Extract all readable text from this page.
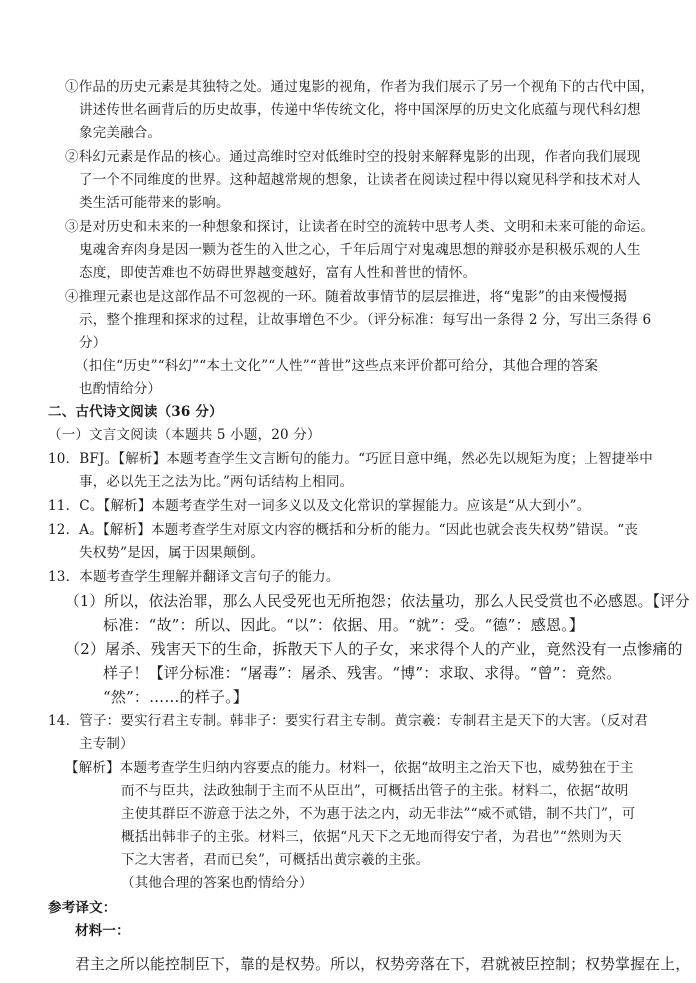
①作品的历史元素是其独特之处。通过鬼影的视角，作者为我们展示了另一个视角下的古代中国，
讲述传世名画背后的历史故事，传递中华传统文化，将中国深厚的历史文化底蕴与现代科幻想
象完美融合。
②科幻元素是作品的核心。通过高维时空对低维时空的投射来解释鬼影的出现，作者向我们展现
了一个不同维度的世界。这种超越常规的想象，让读者在阅读过程中得以窥见科学和技术对人
类生活可能带来的影响。
③是对历史和未来的一种想象和探讨，让读者在时空的流转中思考人类、文明和未来可能的命运。
鬼魂舍弃肉身是因一颗为苍生的入世之心，千年后周宁对鬼魂思想的辩驳亦是积极乐观的人生
态度，即使苦难也不妨碍世界越变越好，富有人性和普世的情怀。
④推理元素也是这部作品不可忽视的一环。随着故事情节的层层推进，将“鬼影”的由来慢慢揭
示，整个推理和探求的过程，让故事增色不少。（评分标准：每写出一条得 2 分，写出三条得 6
分）
（扣住“历史”“科幻”“本土文化”“人性”“普世”这些点来评价都可给分，其他合理的答案
也酌情给分）
二、古代诗文阅读（36 分）
（一）文言文阅读（本题共 5 小题，20 分）
10．BFJ。【解析】本题考查学生文言断句的能力。“巧匠目意中绳，然必先以规矩为度；上智捷举中
事，必以先王之法为比。”两句话结构上相同。
11．C。【解析】本题考查学生对一词多义以及文化常识的掌握能力。应该是“从大到小”。
12．A。【解析】本题考查学生对原文内容的概括和分析的能力。“因此也就会丧失权势”错误。“丧
失权势”是因，属于因果颠倒。
13．本题考查学生理解并翻译文言句子的能力。
（1）所以，依法治罪，那么人民受死也无所抱怨；依法量功，那么人民受赏也不必感恩。【评分
标准：“故”：所以、因此。“以”：依据、用。“就”：受。“德”：感恩。】
（2）屠杀、残害天下的生命，拆散天下人的子女，来求得个人的产业，竟然没有一点惨痛的
样子！【评分标准：“屠毒”：屠杀、残害。“博”：求取、求得。“曾”：竟然。
“然”：……的样子。】
14．管子：要实行君主专制。韩非子：要实行君主专制。黄宗羲：专制君主是天下的大害。（反对君
主专制）
【解析】本题考查学生归纳内容要点的能力。材料一，依据“故明主之治天下也，威势独在于主
而不与臣共，法政独制于主而不从臣出”，可概括出管子的主张。材料二，依据“故明
主使其群臣不游意于法之外，不为惠于法之内，动无非法”“威不贰错，制不共门”，可
概括出韩非子的主张。材料三，依据“凡天下之无地而得安宁者，为君也”“然则为天
下之大害者，君而已矣”，可概括出黄宗羲的主张。
（其他合理的答案也酌情给分）
参考译文：
材料一：
君主之所以能控制臣下，靠的是权势。所以，权势旁落在下，君就被臣控制；权势掌握在上，
